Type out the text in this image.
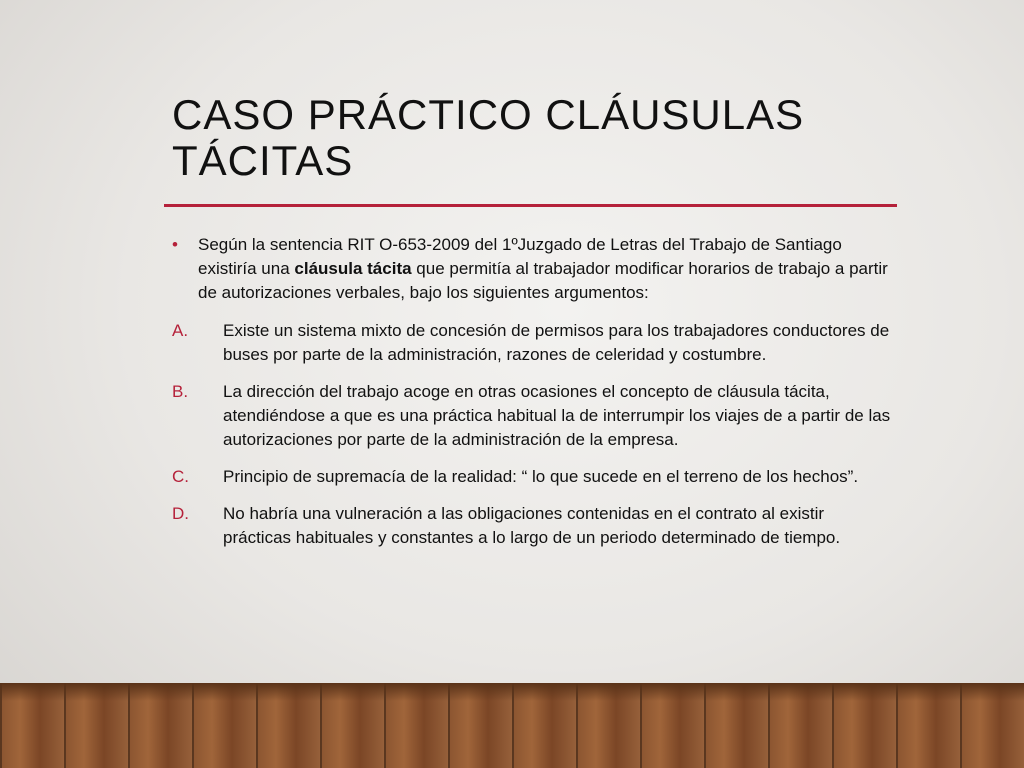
CASO PRÁCTICO CLÁUSULAS TÁCITAS
• Según la sentencia RIT O-653-2009 del 1ºJuzgado de Letras del Trabajo de Santiago existiría una cláusula tácita que permitía al trabajador modificar horarios de trabajo a partir de autorizaciones verbales, bajo los siguientes argumentos:
A. Existe un sistema mixto de concesión de permisos para los trabajadores conductores de buses por parte de la administración, razones de celeridad y costumbre.
B. La dirección del trabajo acoge en otras ocasiones el concepto de cláusula tácita, atendiéndose a que es una práctica habitual la de interrumpir los viajes de a partir de las autorizaciones por parte de la administración de la empresa.
C. Principio de supremacía de la realidad: “ lo que sucede en el terreno de los hechos”.
D. No habría una vulneración a las obligaciones contenidas en el contrato al existir prácticas habituales y constantes a lo largo de un periodo determinado de tiempo.
